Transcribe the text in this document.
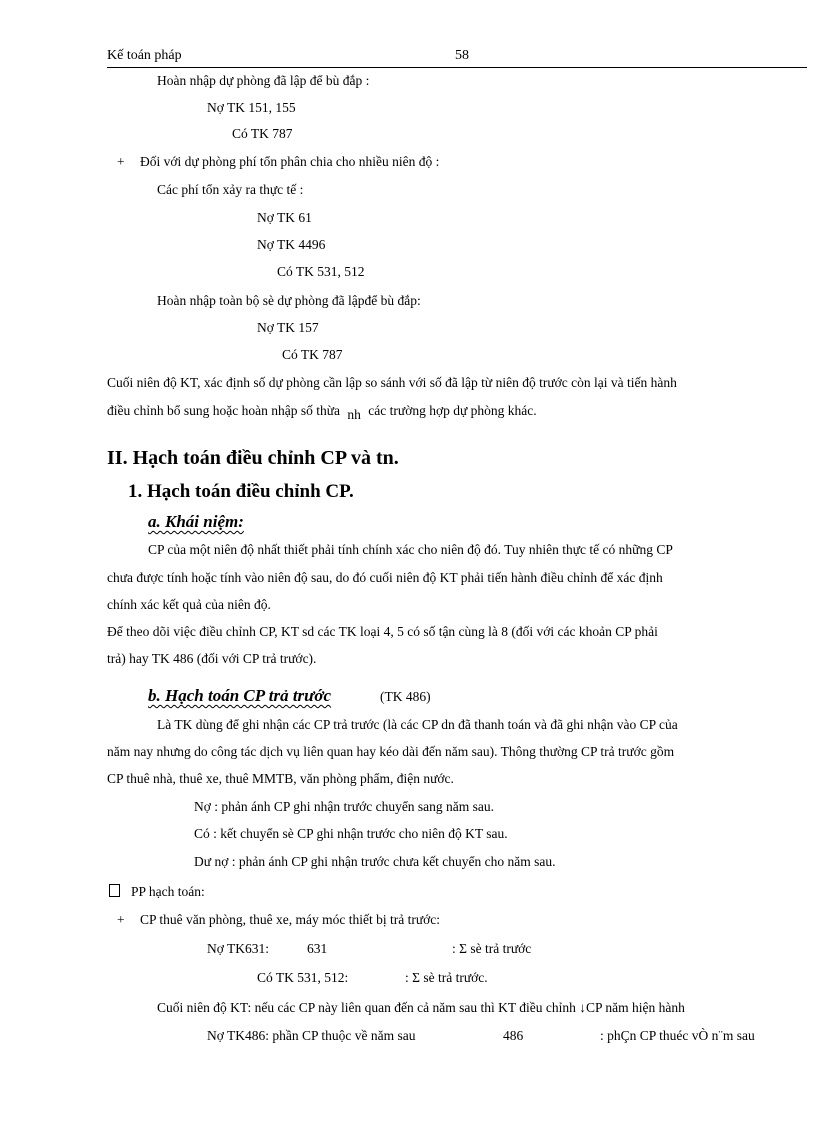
Kế toán pháp	58
Hoàn nhập dự phòng đã lập để bù đắp :
Nợ TK 151, 155
Có TK 787
+ Đối với dự phòng phí tổn phân chia cho nhiều niên độ :
Các phí tổn xảy ra thực tế :
Nợ TK 61
Nợ TK 4496
Có TK 531, 512
Hoàn nhập toàn bộ sè dự phòng đã lậpđể bù đắp:
Nợ TK 157
Có TK 787
Cuối niên độ KT, xác định số dự phòng cần lập so sánh với số đã lập từ niên độ trước còn lại và tiến hành
điều chỉnh bổ sung hoặc hoàn nhập số thừa nh các trường hợp dự phòng khác.
II. Hạch toán điều chỉnh CP và tn.
1. Hạch toán điều chỉnh CP.
a. Khái niệm:
CP của một niên độ nhất thiết phải tính chính xác cho niên độ đó. Tuy nhiên thực tế có những CP
chưa được tính hoặc tính vào niên độ sau, do đó cuối niên độ KT phải tiến hành điều chỉnh để xác định
chính xác kết quả của niên độ.
Để theo dõi việc điều chỉnh CP, KT sd các TK loại 4, 5 có số tận cùng là 8 (đối với các khoản CP phải
trả) hay TK 486 (đối với CP trả trước).
b. Hạch toán CP trả trước	(TK 486)
Là TK dùng để ghi nhận các CP trả trước (là các CP dn đã thanh toán và đã ghi nhận vào CP của
năm nay nhưng do công tác dịch vụ liên quan hay kéo dài đến năm sau). Thông thường CP trả trước gồm
CP thuê nhà, thuê xe, thuê MMTB, văn phòng phẩm, điện nước.
Nợ : phản ánh CP ghi nhận trước chuyển sang năm sau.
Có : kết chuyển sè CP ghi nhận trước cho niên độ KT sau.
Dư nợ : phản ánh CP ghi nhận trước chưa kết chuyển cho năm sau.
PP hạch toán:
+ CP thuê văn phòng, thuê xe, máy móc thiết bị trả trước:
Nợ TK631:	631	: Σ sè trả trước
Có TK 531, 512:	: Σ sè trả trước.
Cuối niên độ KT: nếu các CP này liên quan đến cả năm sau thì KT điều chỉnh ↓CP năm hiện hành
Nợ TK486: phần CP thuộc về năm sau	486	: phÇn CP thuéc vÒ n¨m sau
